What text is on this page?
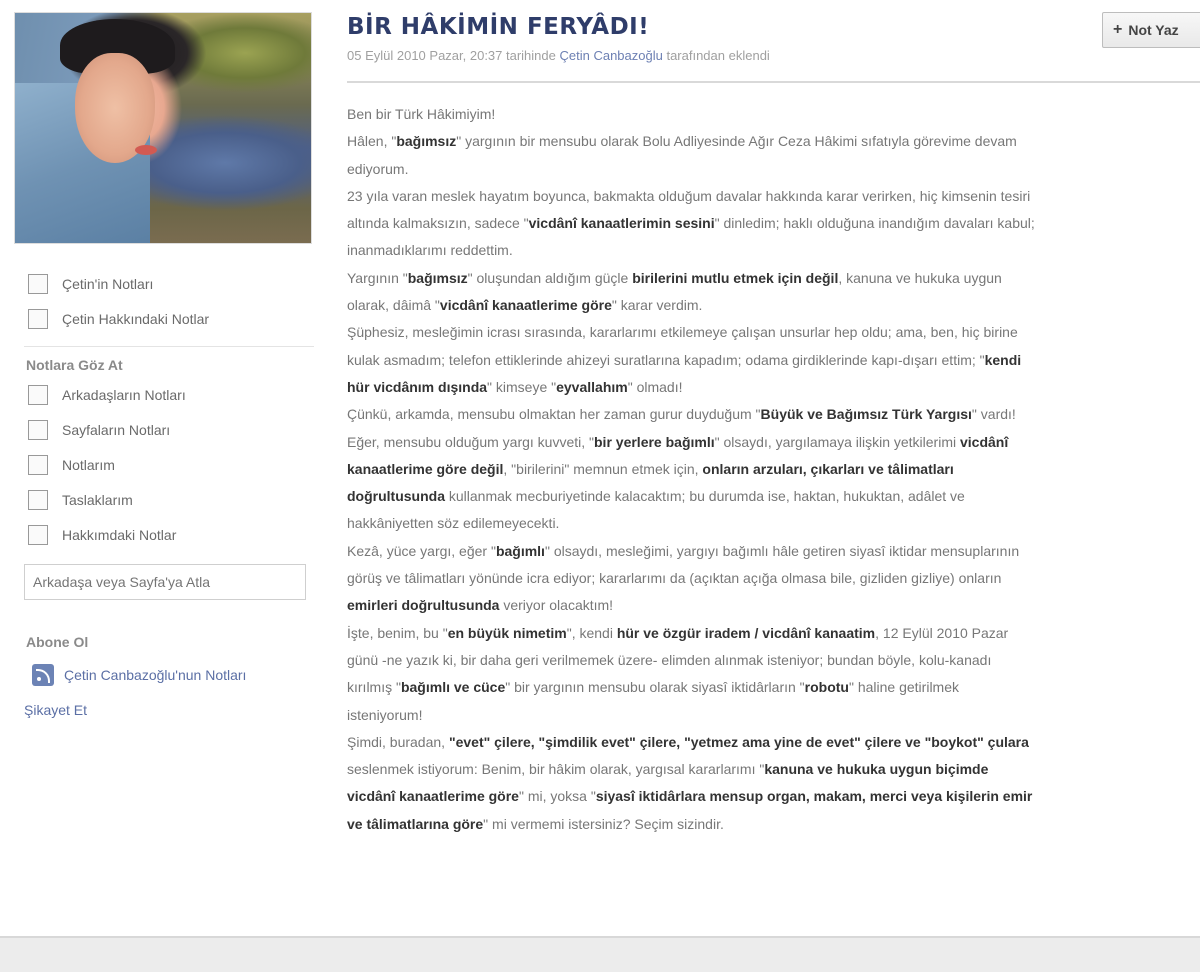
Çetin'in Notları
Çetin Hakkındaki Notlar
Notlara Göz At
Arkadaşların Notları
Sayfaların Notları
Notlarım
Taslaklarım
Hakkımdaki Notlar
Arkadaşa veya Sayfa'ya Atla
Abone Ol
Çetin Canbazoğlu'nun Notları
Şikayet Et
+ Not Yaz
BİR HÂKİMİN FERYÂDI!
05 Eylül 2010 Pazar, 20:37 tarihinde Çetin Canbazoğlu tarafından eklendi
Ben bir Türk Hâkimiyim!
Hâlen, "bağımsız" yargının bir mensubu olarak Bolu Adliyesinde Ağır Ceza Hâkimi sıfatıyla görevime devam ediyorum.
23 yıla varan meslek hayatım boyunca, bakmakta olduğum davalar hakkında karar verirken, hiç kimsenin tesiri altında kalmaksızın, sadece "vicdânî kanaatlerimin sesini" dinledim; haklı olduğuna inandığım davaları kabul; inanmadıklarımı reddettim.
Yargının "bağımsız" oluşundan aldığım güçle birilerini mutlu etmek için değil, kanuna ve hukuka uygun olarak, dâimâ "vicdânî kanaatlerime göre" karar verdim.
Şüphesiz, mesleğimin icrası sırasında, kararlarımı etkilemeye çalışan unsurlar hep oldu; ama, ben, hiç birine kulak asmadım; telefon ettiklerinde ahizeyi suratlarına kapadım; odama girdiklerinde kapı-dışarı ettim; "kendi hür vicdânım dışında" kimseye "eyvallahım" olmadı!
Çünkü, arkamda, mensubu olmaktan her zaman gurur duyduğum "Büyük ve Bağımsız Türk Yargısı" vardı!
Eğer, mensubu olduğum yargı kuvveti, "bir yerlere bağımlı" olsaydı, yargılamaya ilişkin yetkilerimi vicdânî kanaatlerime göre değil, "birilerini" memnun etmek için, onların arzuları, çıkarları ve tâlimatları doğrultusunda kullanmak mecburiyetinde kalacaktım; bu durumda ise, haktan, hukuktan, adâlet ve hakkâniyetten söz edilemeyecekti.
Kezâ, yüce yargı, eğer "bağımlı" olsaydı, mesleğimi, yargıyı bağımlı hâle getiren siyasî iktidar mensuplarının görüş ve tâlimatları yönünde icra ediyor; kararlarımı da (açıktan açığa olmasa bile, gizliden gizliye) onların emirleri doğrultusunda veriyor olacaktım!
İşte, benim, bu "en büyük nimetim", kendi hür ve özgür iradem / vicdânî kanaatim, 12 Eylül 2010 Pazar günü -ne yazık ki, bir daha geri verilmemek üzere- elimden alınmak isteniyor; bundan böyle, kolu-kanadı kırılmış "bağımlı ve cüce" bir yargının mensubu olarak siyasî iktidârların "robotu" haline getirilmek isteniyorum!
Şimdi, buradan, "evet" çilere, "şimdilik evet" çilere, "yetmez ama yine de evet" çilere ve "boykot" çulara seslenmek istiyorum: Benim, bir hâkim olarak, yargısal kararlarımı "kanuna ve hukuka uygun biçimde vicdânî kanaatlerime göre" mi, yoksa "siyasî iktidârlara mensup organ, makam, merci veya kişilerin emir ve tâlimatlarına göre" mi vermemi istersiniz? Seçim sizindir.
